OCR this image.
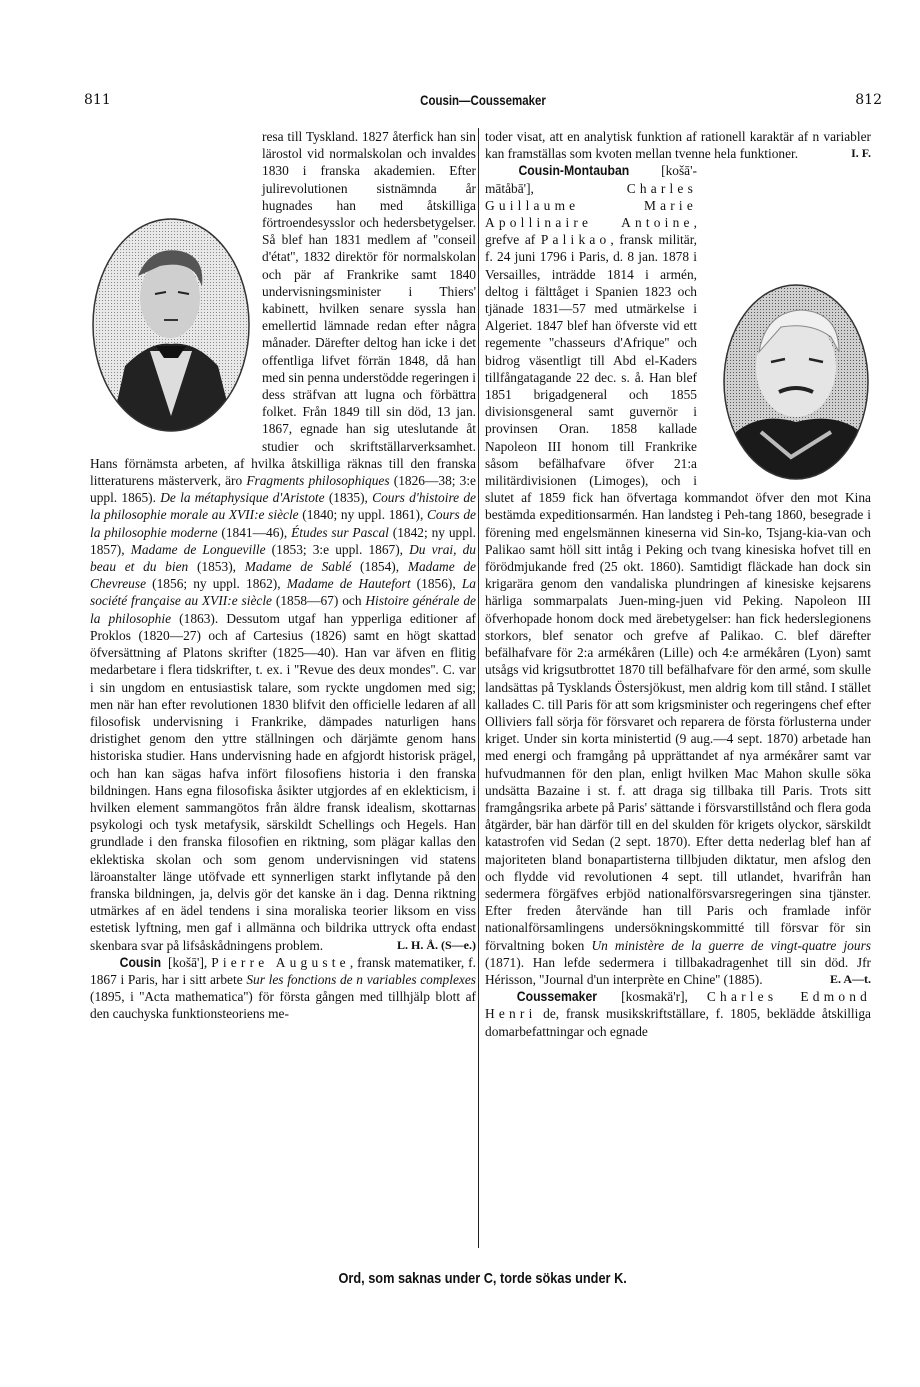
811	Cousin—Coussemaker	812

resa till Tyskland. 1827 återfick han sin lärostol vid normalskolan och invaldes 1830 i franska akademien. Efter julirevolutionen sistnämnda år hugnades han med åtskilliga förtroendesysslor och hedersbetygelser. Så blef han 1831 medlem af ''conseil d'état'', 1832 direktör för normalskolan och pär af Frankrike samt 1840 undervisningsminister i Thiers' kabinett, hvilken senare syssla han emellertid lämnade redan efter några månader. Därefter deltog han icke i det offentliga lifvet förrän 1848, då han med sin penna understödde regeringen i dess sträfvan att lugna och förbättra folket. Från 1849 till sin död, 13 jan. 1867, egnade han sig uteslutande åt studier och skriftställarverksamhet. Hans förnämsta arbeten, af hvilka åtskilliga räknas till den franska litteraturens mästerverk, äro Fragments philosophiques (1826—38; 3:e uppl. 1865). De la métaphysique d'Aristote (1835), Cours d'histoire de la philosophie morale au XVII:e siècle (1840; ny uppl. 1861), Cours de la philosophie moderne (1841—46), Études sur Pascal (1842; ny uppl. 1857), Madame de Longueville (1853; 3:e uppl. 1867), Du vrai, du beau et du bien (1853), Madame de Sablé (1854), Madame de Chevreuse (1856; ny uppl. 1862), Madame de Hautefort (1856), La société française au XVII:e siècle (1858—67) och Histoire générale de la philosophie (1863). Dessutom utgaf han ypperliga editioner af Proklos (1820—27) och af Cartesius (1826) samt en högt skattad öfversättning af Platons skrifter (1825—40). Han var äfven en flitig medarbetare i flera tidskrifter, t. ex. i ''Revue des deux mondes''. C. var i sin ungdom en entusiastisk talare, som ryckte ungdomen med sig; men när han efter revolutionen 1830 blifvit den officielle ledaren af all filosofisk undervisning i Frankrike, dämpades naturligen hans dristighet genom den yttre ställningen och därjämte genom hans historiska studier. Hans undervisning hade en afgjordt historisk prägel, och han kan sägas hafva infört filosofiens historia i den franska bildningen. Hans egna filosofiska åsikter utgjordes af en eklekticism, i hvilken element sammangötos från äldre fransk idealism, skottarnas psykologi och tysk metafysik, särskildt Schellings och Hegels. Han grundlade i den franska filosofien en riktning, som plägar kallas den eklektiska skolan och som genom undervisningen vid statens läroanstalter länge utöfvade ett synnerligen starkt inflytande på den franska bildningen, ja, delvis gör det kanske än i dag. Denna riktning utmärkes af en ädel tendens i sina moraliska teorier liksom en viss estetisk lyftning, men gaf i allmänna och bildrika uttryck ofta endast skenbara svar på lifsåskådningens problem.	L. H. Å. (S—e.)

Cousin [košā'], Pierre Auguste, fransk matematiker, f. 1867 i Paris, har i sitt arbete Sur les fonctions de n variables complexes (1895, i ''Acta mathematica'') för första gången med tillhjälp blott af den cauchyska funktionsteoriens me-

toder visat, att en analytisk funktion af rationell karaktär af n variabler kan framställas som kvoten mellan tvenne hela funktioner.	I. F.

Cousin-Montauban [košā'-mātåbā'], Charles Guillaume Marie Apollinaire Antoine, grefve af Palikao, fransk militär, f. 24 juni 1796 i Paris, d. 8 jan. 1878 i Versailles, inträdde 1814 i armén, deltog i fälttåget i Spanien 1823 och tjänade 1831—57 med utmärkelse i Algeriet. 1847 blef han öfverste vid ett regemente ''chasseurs d'Afrique'' och bidrog väsentligt till Abd el-Kaders tillfångatagande 22 dec. s. å. Han blef 1851 brigadgeneral och 1855 divisionsgeneral samt guvernör i provinsen Oran. 1858 kallade Napoleon III honom till Frankrike såsom befälhafvare öfver 21:a militärdivisionen (Limoges), och i slutet af 1859 fick han öfvertaga kommandot öfver den mot Kina bestämda expeditionsarmén. Han landsteg i Peh-tang 1860, besegrade i förening med engelsmännen kineserna vid Sin-ko, Tsjang-kia-van och Palikao samt höll sitt intåg i Peking och tvang kinesiska hofvet till en förödmjukande fred (25 okt. 1860). Samtidigt fläckade han dock sin krigarära genom den vandaliska plundringen af kinesiske kejsarens härliga sommarpalats Juen-ming-juen vid Peking. Napoleon III öfverhopade honom dock med ärebetygelser: han fick hederslegionens storkors, blef senator och grefve af Palikao. C. blef därefter befälhafvare för 2:a armékåren (Lille) och 4:e armékåren (Lyon) samt utsågs vid krigsutbrottet 1870 till befälhafvare för den armé, som skulle landsättas på Tysklands Östersjökust, men aldrig kom till stånd. I stället kallades C. till Paris för att som krigsminister och regeringens chef efter Olliviers fall sörja för försvaret och reparera de första förlusterna under kriget. Under sin korta ministertid (9 aug.—4 sept. 1870) arbetade han med energi och framgång på upprättandet af nya arméкårer samt var hufvudmannen för den plan, enligt hvilken Mac Mahon skulle söka undsätta Bazaine i st. f. att draga sig tillbaka till Paris. Trots sitt framgångsrika arbete på Paris' sättande i försvarstillstånd och flera goda åtgärder, bär han därför till en del skulden för krigets olyckor, särskildt katastrofen vid Sedan (2 sept. 1870). Efter detta nederlag blef han af majoriteten bland bonapartisterna tillbjuden diktatur, men afslog den och flydde vid revolutionen 4 sept. till utlandet, hvarifrån han sedermera förgäfves erbjöd nationalförsvarsregeringen sina tjänster. Efter freden återvände han till Paris och framlade inför nationalförsamlingens undersökningskommitté till försvar för sin förvaltning boken Un ministère de la guerre de vingt-quatre jours (1871). Han lefde sedermera i tillbakadragenhet till sin död. Jfr Hérisson, ''Journal d'un interprète en Chine'' (1885).	E. A—t.

Coussemaker [kosmakä'r], Charles Edmond Henri de, fransk musikskriftställare, f. 1805, beklädde åtskilliga domarbefattningar och egnade

Ord, som saknas under C, torde sökas under K.
